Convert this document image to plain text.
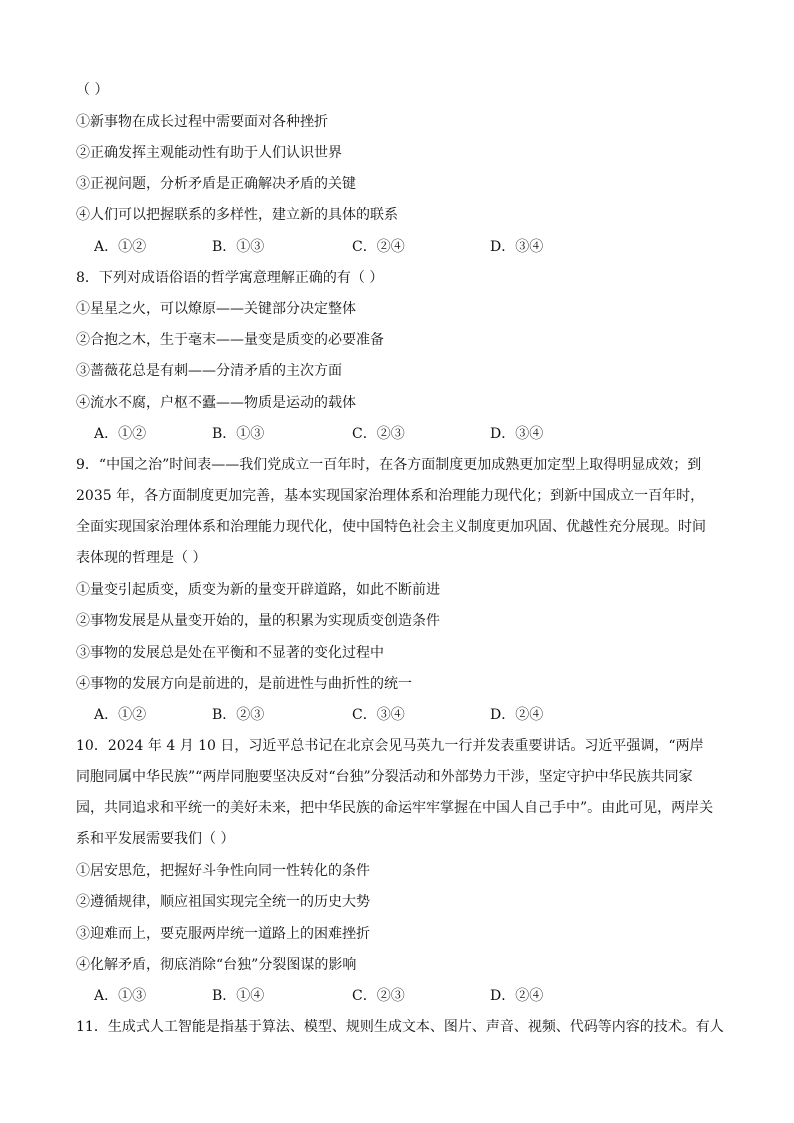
（ ）
①新事物在成长过程中需要面对各种挫折
②正确发挥主观能动性有助于人们认识世界
③正视问题，分析矛盾是正确解决矛盾的关键
④人们可以把握联系的多样性，建立新的具体的联系
A．①②	B．①③	C．②④	D．③④
8．下列对成语俗语的哲学寓意理解正确的有（ ）
①星星之火，可以燎原——关键部分决定整体
②合抱之木，生于毫末——量变是质变的必要准备
③蔷薇花总是有刺——分清矛盾的主次方面
④流水不腐，户枢不蠹——物质是运动的载体
A．①②	B．①③	C．②③	D．③④
9．“中国之治”时间表——我们党成立一百年时，在各方面制度更加成熟更加定型上取得明显成效；到 2035 年，各方面制度更加完善，基本实现国家治理体系和治理能力现代化；到新中国成立一百年时，全面实现国家治理体系和治理能力现代化，使中国特色社会主义制度更加巩固、优越性充分展现。时间表体现的哲理是（ ）
①量变引起质变，质变为新的量变开辟道路，如此不断前进
②事物发展是从量变开始的，量的积累为实现质变创造条件
③事物的发展总是处在平衡和不显著的变化过程中
④事物的发展方向是前进的，是前进性与曲折性的统一
A．①②	B．②③	C．③④	D．②④
10．2024 年 4 月 10 日，习近平总书记在北京会见马英九一行并发表重要讲话。习近平强调，“两岸同胞同属中华民族”“两岸同胞要坚决反对“台独”分裂活动和外部势力干涉，坚定守护中华民族共同家园，共同追求和平统一的美好未来，把中华民族的命运牢牢掌握在中国人自己手中”。由此可见，两岸关系和平发展需要我们（ ）
①居安思危，把握好斗争性向同一性转化的条件
②遵循规律，顺应祖国实现完全统一的历史大势
③迎难而上，要克服两岸统一道路上的困难挫折
④化解矛盾，彻底消除“台独”分裂图谋的影响
A．①③	B．①④	C．②③	D．②④
11．生成式人工智能是指基于算法、模型、规则生成文本、图片、声音、视频、代码等内容的技术。有人
